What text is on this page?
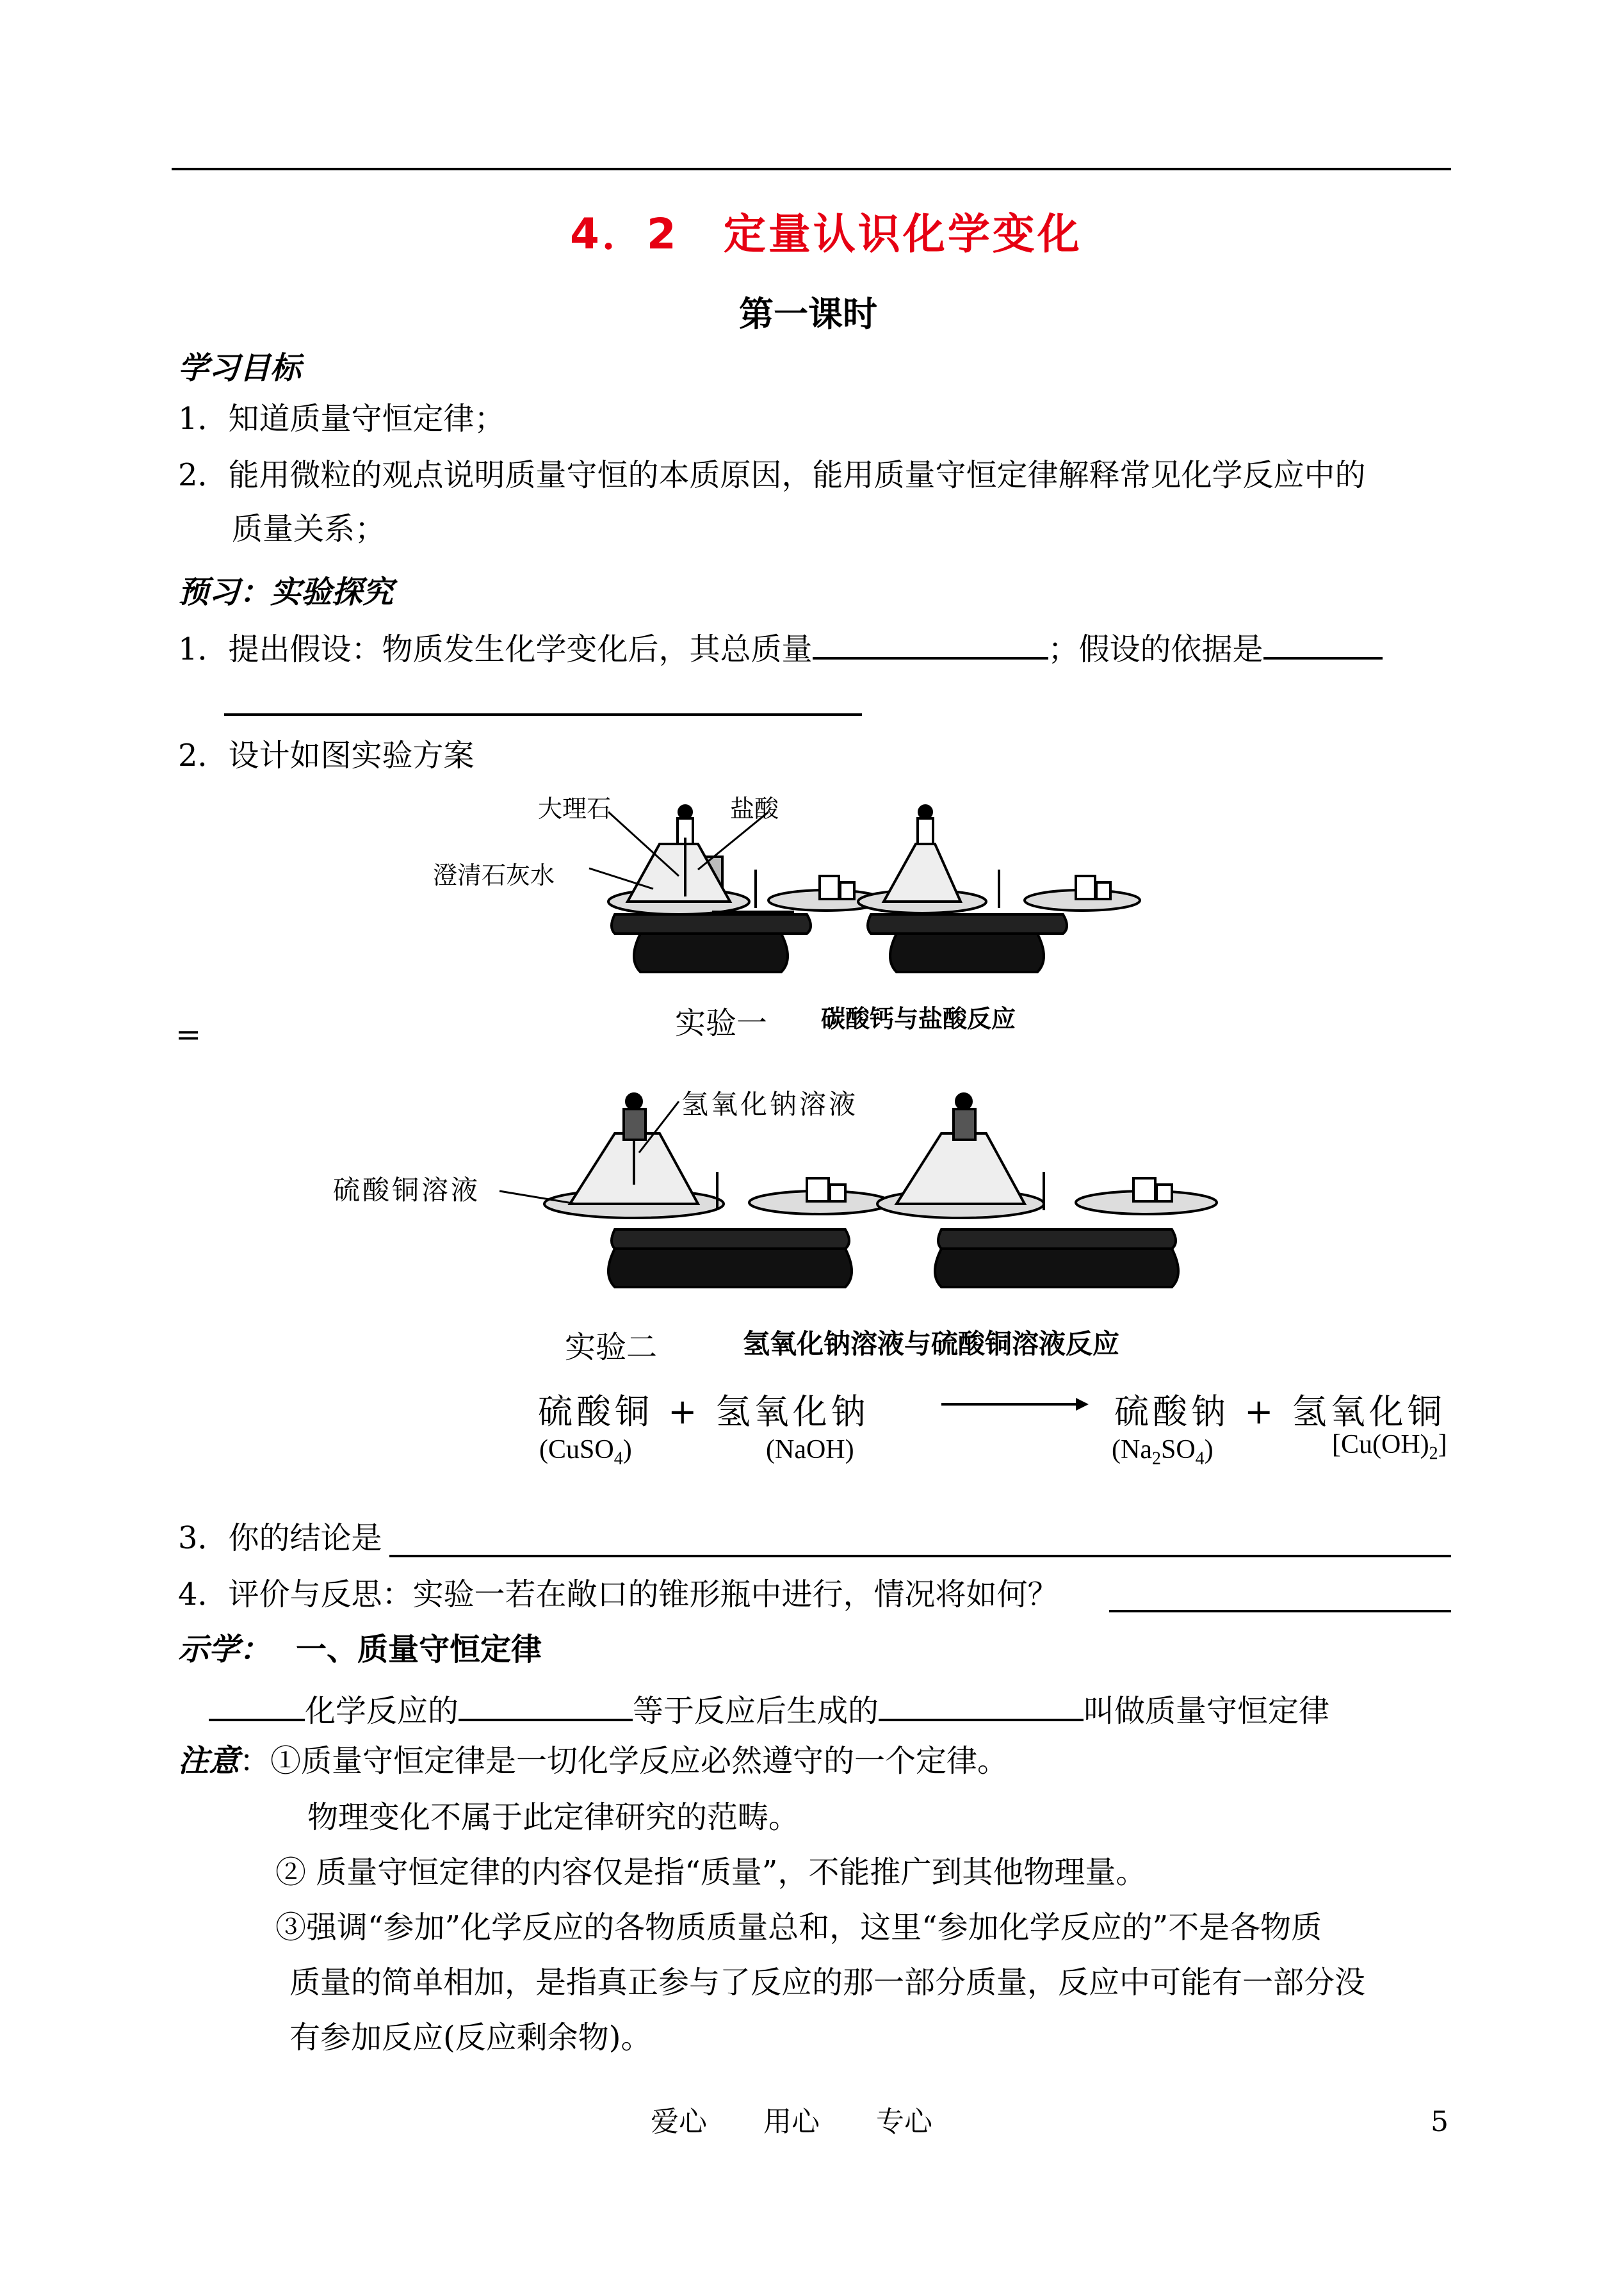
4．2　定量认识化学变化
第一课时
学习目标
1．知道质量守恒定律；
2．能用微粒的观点说明质量守恒的本质原因，能用质量守恒定律解释常见化学反应中的
质量关系；
预习：实验探究
1．提出假设：物质发生化学变化后，其总质量	；假设的依据是
2．设计如图实验方案
大理石	盐酸
澄清石灰水
=	实验一 碳酸钙与盐酸反应
氢氧化钠溶液
硫酸铜溶液
实验二	氢氧化钠溶液与硫酸铜溶液反应
硫酸铜 + 氢氧化钠	硫酸钠 + 氢氧化铜
(CuSO$_4$)	(NaOH)	$(Na_2SO_4)$	$[Cu(OH)_2]$
3．你的结论是
4．评价与反思：实验一若在敞口的锥形瓶中进行，情况将如何？
示学： 一、质量守恒定律
化学反应的	等于反应后生成的	叫做质量守恒定律
注意：①质量守恒定律是一切化学反应必然遵守的一个定律。
物理变化不属于此定律研究的范畴。
② 质量守恒定律的内容仅是指“质量”，不能推广到其他物理量。
③强调“参加”化学反应的各物质质量总和，这里“参加化学反应的”不是各物质
质量的简单相加，是指真正参与了反应的那一部分质量，反应中可能有一部分没
有参加反应(反应剩余物)。
爱心　　用心　　专心	5
